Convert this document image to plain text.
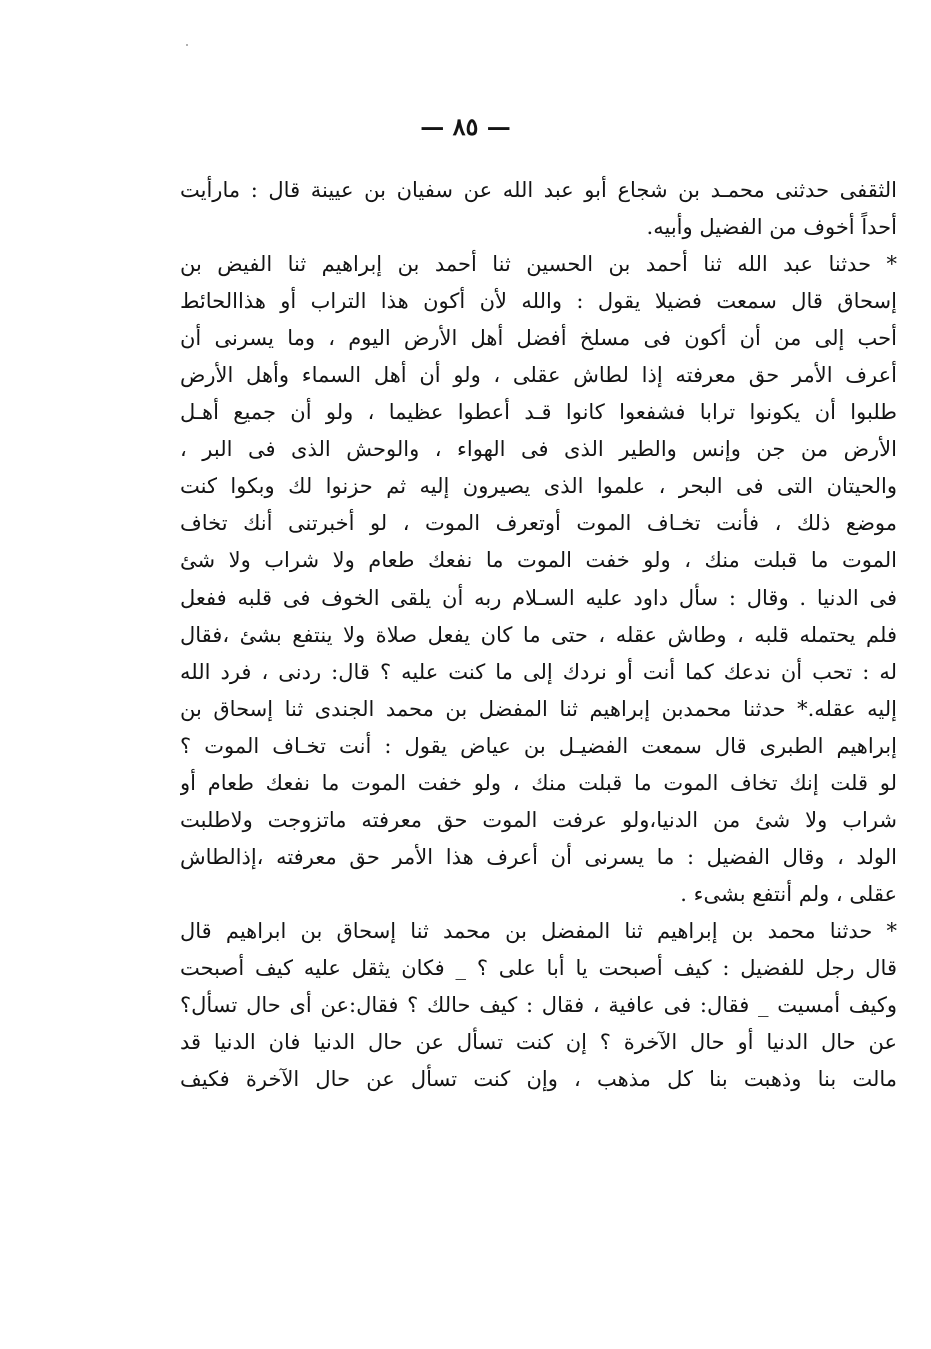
— ٨٥ —
الثقفى حدثنى محمـد بن شجاع أبو عبد الله عن سفيان بن عيينة قال : مارأيت
أحداً أخوف من الفضيل وأبيه.
* حدثنا عبد الله ثنا أحمد بن الحسين ثنا أحمد بن إبراهيم ثنا الفيض بن
إسحاق قال سمعت فضيلا يقول : والله لأن أكون هذا التراب أو هذاالحائط
أحب إلى من أن أكون فى مسلخ أفضل أهل الأرض اليوم ، وما يسرنى أن
أعرف الأمر حق معرفته إذا لطاش عقلى ، ولو أن أهل السماء وأهل الأرض
طلبوا أن يكونوا ترابا فشفعوا كانوا قـد أعطوا عظيما ، ولو أن جميع أهـل
الأرض من جن وإنس والطير الذى فى الهواء ، والوحش الذى فى البر ،
والحيتان التى فى البحر ، علموا الذى يصيرون إليه ثم حزنوا لك وبكوا كنت
موضع ذلك ، فأنت تخـاف الموت أوتعرف الموت ، لو أخبرتنى أنك تخاف
الموت ما قبلت منك ، ولو خفت الموت ما نفعك طعام ولا شراب ولا شئ
فى الدنيا . وقال : سأل داود عليه السـلام ربه أن يلقى الخوف فى قلبه ففعل
فلم يحتمله قلبه ، وطاش عقله ، حتى ما كان يفعل صلاة ولا ينتفع بشئ ،فقال
له : تحب أن ندعك كما أنت أو نردك إلى ما كنت عليه ؟ قال: ردنى ، فرد الله
إليه عقله.* حدثنا محمدبن إبراهيم ثنا المفضل بن محمد الجندى ثنا إسحاق بن
إبراهيم الطبرى قال سمعت الفضيـل بن عياض يقول : أنت تخـاف الموت ؟
لو قلت إنك تخاف الموت ما قبلت منك ، ولو خفت الموت ما نفعك طعام أو
شراب ولا شئ من الدنيا،ولو عرفت الموت حق معرفته ماتزوجت ولاطلبت
الولد ، وقال الفضيل : ما يسرنى أن أعرف هذا الأمر حق معرفته ،إذالطاش
عقلى ، ولم أنتفع بشىء .
* حدثنا محمد بن إبراهيم ثنا المفضل بن محمد ثنا إسحاق بن ابراهيم قال
قال رجل للفضيل : كيف أصبحت يا أبا على ؟ _ فكان يثقل عليه كيف أصبحت
وكيف أمسيت _ فقال: فى عافية ، فقال : كيف حالك ؟ فقال:عن أى حال تسأل؟
عن حال الدنيا أو حال الآخرة ؟ إن كنت تسأل عن حال الدنيا فان الدنيا قد
مالت بنا وذهبت بنا كل مذهب ، وإن كنت تسأل عن حال الآخرة فكيف
